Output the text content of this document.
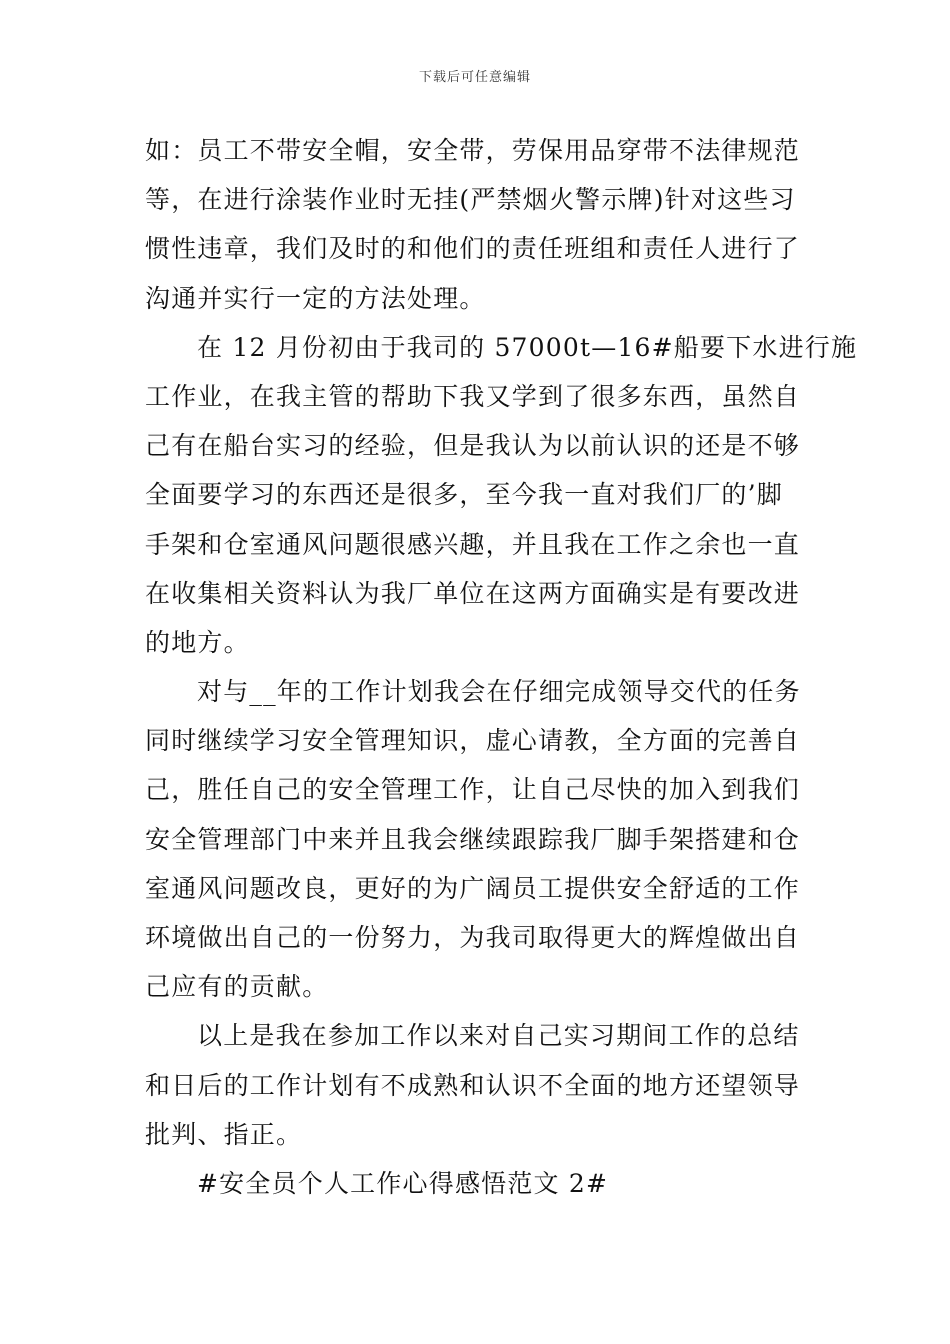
下载后可任意编辑
如：员工不带安全帽，安全带，劳保用品穿带不法律规范
等，在进行涂装作业时无挂(严禁烟火警示牌)针对这些习
惯性违章，我们及时的和他们的责任班组和责任人进行了
沟通并实行一定的方法处理。
在 12 月份初由于我司的 57000t—16#船要下水进行施
工作业，在我主管的帮助下我又学到了很多东西，虽然自
己有在船台实习的经验，但是我认为以前认识的还是不够
全面要学习的东西还是很多，至今我一直对我们厂的’脚
手架和仓室通风问题很感兴趣，并且我在工作之余也一直
在收集相关资料认为我厂单位在这两方面确实是有要改进
的地方。
对与__年的工作计划我会在仔细完成领导交代的任务
同时继续学习安全管理知识，虚心请教，全方面的完善自
己，胜任自己的安全管理工作，让自己尽快的加入到我们
安全管理部门中来并且我会继续跟踪我厂脚手架搭建和仓
室通风问题改良，更好的为广阔员工提供安全舒适的工作
环境做出自己的一份努力，为我司取得更大的辉煌做出自
己应有的贡献。
以上是我在参加工作以来对自己实习期间工作的总结
和日后的工作计划有不成熟和认识不全面的地方还望领导
批判、指正。
#安全员个人工作心得感悟范文 2#
